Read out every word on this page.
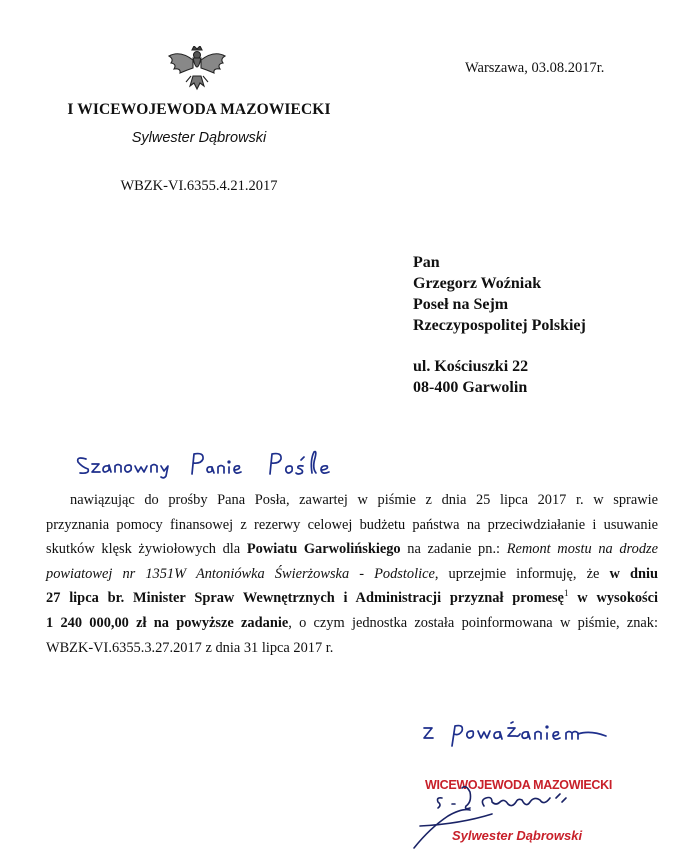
I WICEWOJEWODA MAZOWIECKI
Sylwester Dąbrowski
WBZK-VI.6355.4.21.2017
Warszawa, 03.08.2017r.
Pan
Grzegorz Woźniak
Poseł na Sejm
Rzeczypospolitej Polskiej
ul. Kościuszki 22
08-400 Garwolin
Szanowny Panie Pośle
nawiązując do prośby Pana Posła, zawartej w piśmie z dnia 25 lipca 2017 r. w sprawie
przyznania pomocy finansowej z rezerwy celowej budżetu państwa na przeciwdziałanie i usuwanie
skutków klęsk żywiołowych dla Powiatu Garwolińskiego na zadanie pn.: Remont mostu na drodze
powiatowej nr 1351W Antoniówka Świerżowska - Podstolice, uprzejmie informuję, że w dniu
27 lipca br. Minister Spraw Wewnętrznych i Administracji przyznał promesę$^1$ w wysokości
1 240 000,00 zł na powyższe zadanie, o czym jednostka została poinformowana w piśmie, znak:
WBZK-VI.6355.3.27.2017 z dnia 31 lipca 2017 r.
z poważaniem
WICEWOJEWODA MAZOWIECKI
Sylwester Dąbrowski
